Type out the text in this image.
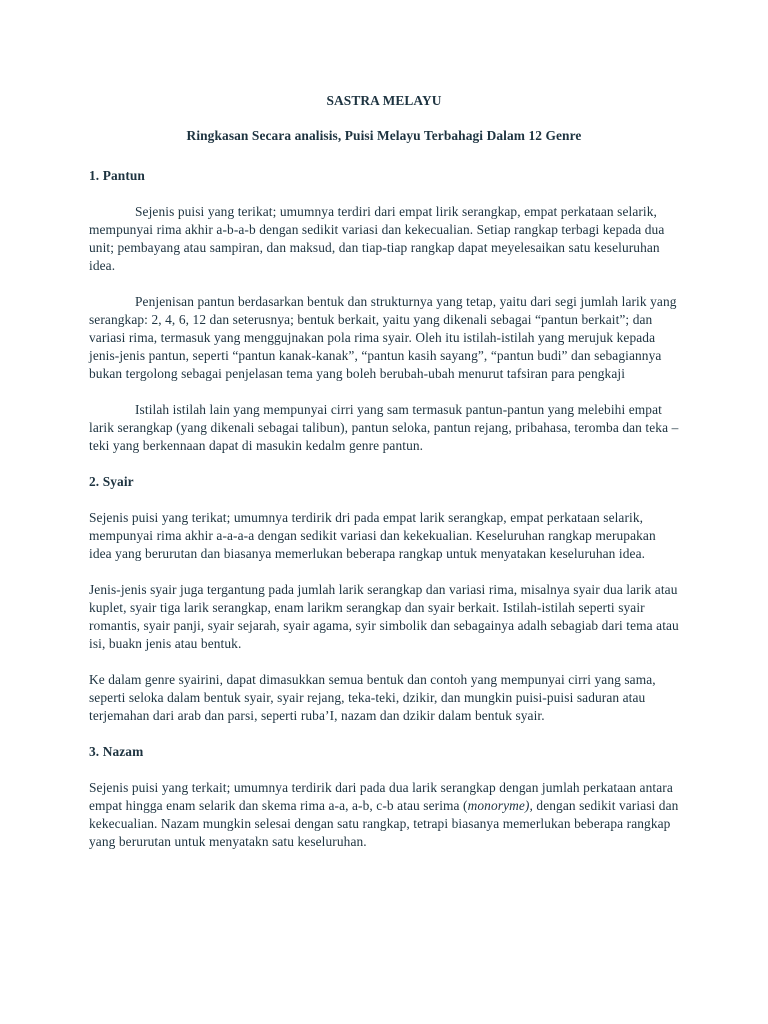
SASTRA MELAYU
Ringkasan Secara analisis, Puisi Melayu Terbahagi Dalam 12 Genre
1. Pantun

Sejenis puisi yang terikat; umumnya terdiri dari empat lirik serangkap, empat perkataan selarik, mempunyai rima akhir a-b-a-b dengan sedikit variasi dan kekecualian. Setiap rangkap terbagi kepada dua unit; pembayang atau sampiran, dan maksud, dan tiap-tiap rangkap dapat meyelesaikan satu keseluruhan idea.

Penjenisan pantun berdasarkan bentuk dan strukturnya yang tetap, yaitu dari segi jumlah larik yang serangkap: 2, 4, 6, 12 dan seterusnya; bentuk berkait, yaitu yang dikenali sebagai “pantun berkait”; dan variasi rima, termasuk yang menggujnakan pola rima syair. Oleh itu istilah-istilah yang merujuk kepada jenis-jenis pantun, seperti “pantun kanak-kanak”, “pantun kasih sayang”, “pantun budi” dan sebagiannya bukan tergolong sebagai penjelasan tema yang boleh berubah-ubah menurut tafsiran para pengkaji

Istilah istilah lain yang mempunyai cirri yang sam termasuk pantun-pantun yang melebihi empat larik serangkap (yang dikenali sebagai talibun), pantun seloka, pantun rejang, pribahasa, teromba dan teka –teki yang berkennaan dapat di masukin kedalm genre pantun.

2. Syair

Sejenis puisi yang terikat; umumnya terdirik dri pada empat larik serangkap, empat perkataan selarik, mempunyai rima akhir a-a-a-a dengan sedikit variasi dan kekekualian. Keseluruhan rangkap merupakan idea yang berurutan dan biasanya memerlukan beberapa rangkap untuk menyatakan keseluruhan idea.

Jenis-jenis syair juga tergantung pada jumlah larik serangkap dan variasi rima, misalnya syair dua larik atau kuplet, syair tiga larik serangkap, enam larikm serangkap dan syair berkait. Istilah-istilah seperti syair romantis, syair panji, syair sejarah, syair agama, syir simbolik dan sebagainya adalh sebagiab dari tema atau isi, buakn jenis atau bentuk.

Ke dalam genre syairini, dapat dimasukkan semua bentuk dan contoh yang mempunyai cirri yang sama, seperti seloka dalam bentuk syair, syair rejang, teka-teki, dzikir, dan mungkin puisi-puisi saduran atau terjemahan dari arab dan parsi, seperti ruba’I, nazam dan dzikir dalam bentuk syair.

3. Nazam

Sejenis puisi yang terkait; umumnya terdirik dari pada dua larik serangkap dengan jumlah perkataan antara empat hingga enam selarik dan skema rima a-a, a-b, c-b atau serima (monoryme), dengan sedikit variasi dan kekecualian. Nazam mungkin selesai dengan satu rangkap, tetrapi biasanya memerlukan beberapa rangkap yang berurutan untuk menyatakn satu keseluruhan.
